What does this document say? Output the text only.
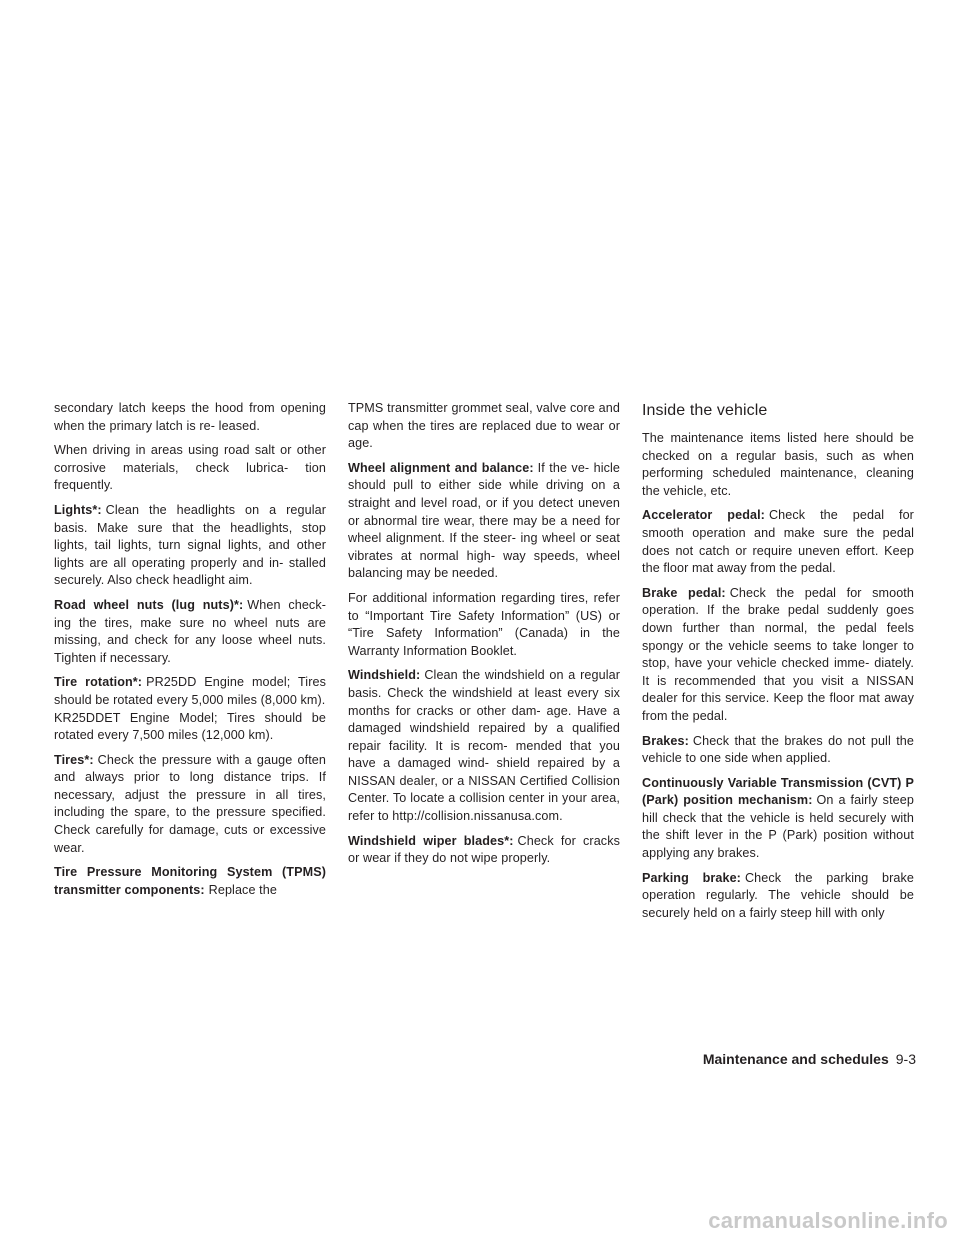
secondary latch keeps the hood from opening when the primary latch is re- leased.

When driving in areas using road salt or other corrosive materials, check lubrica- tion frequently.

Lights*: Clean the headlights on a regular basis. Make sure that the headlights, stop lights, tail lights, turn signal lights, and other lights are all operating properly and in- stalled securely. Also check headlight aim.

Road wheel nuts (lug nuts)*: When check- ing the tires, make sure no wheel nuts are missing, and check for any loose wheel nuts. Tighten if necessary.

Tire rotation*: PR25DD Engine model; Tires should be rotated every 5,000 miles (8,000 km).

KR25DDET Engine Model; Tires should be rotated every 7,500 miles (12,000 km).

Tires*: Check the pressure with a gauge often and always prior to long distance trips. If necessary, adjust the pressure in all tires, including the spare, to the pressure specified. Check carefully for damage, cuts or excessive wear.

Tire Pressure Monitoring System (TPMS) transmitter components: Replace the

TPMS transmitter grommet seal, valve core and cap when the tires are replaced due to wear or age.

Wheel alignment and balance: If the ve- hicle should pull to either side while driving on a straight and level road, or if you detect uneven or abnormal tire wear, there may be a need for wheel alignment. If the steer- ing wheel or seat vibrates at normal high- way speeds, wheel balancing may be needed.

For additional information regarding tires, refer to “Important Tire Safety Information” (US) or “Tire Safety Information” (Canada) in the Warranty Information Booklet.

Windshield: Clean the windshield on a regular basis. Check the windshield at least every six months for cracks or other dam- age. Have a damaged windshield repaired by a qualified repair facility. It is recom- mended that you have a damaged wind- shield repaired by a NISSAN dealer, or a NISSAN Certified Collision Center. To locate a collision center in your area, refer to http://collision.nissanusa.com.

Windshield wiper blades*: Check for cracks or wear if they do not wipe properly.

Inside the vehicle

The maintenance items listed here should be checked on a regular basis, such as when performing scheduled maintenance, cleaning the vehicle, etc.

Accelerator pedal: Check the pedal for smooth operation and make sure the pedal does not catch or require uneven effort. Keep the floor mat away from the pedal.

Brake pedal: Check the pedal for smooth operation. If the brake pedal suddenly goes down further than normal, the pedal feels spongy or the vehicle seems to take longer to stop, have your vehicle checked imme- diately. It is recommended that you visit a NISSAN dealer for this service. Keep the floor mat away from the pedal.

Brakes: Check that the brakes do not pull the vehicle to one side when applied.

Continuously Variable Transmission (CVT) P (Park) position mechanism: On a fairly steep hill check that the vehicle is held securely with the shift lever in the P (Park) position without applying any brakes.

Parking brake: Check the parking brake operation regularly. The vehicle should be securely held on a fairly steep hill with only

Maintenance and schedules 9-3
carmanualsonline.info
